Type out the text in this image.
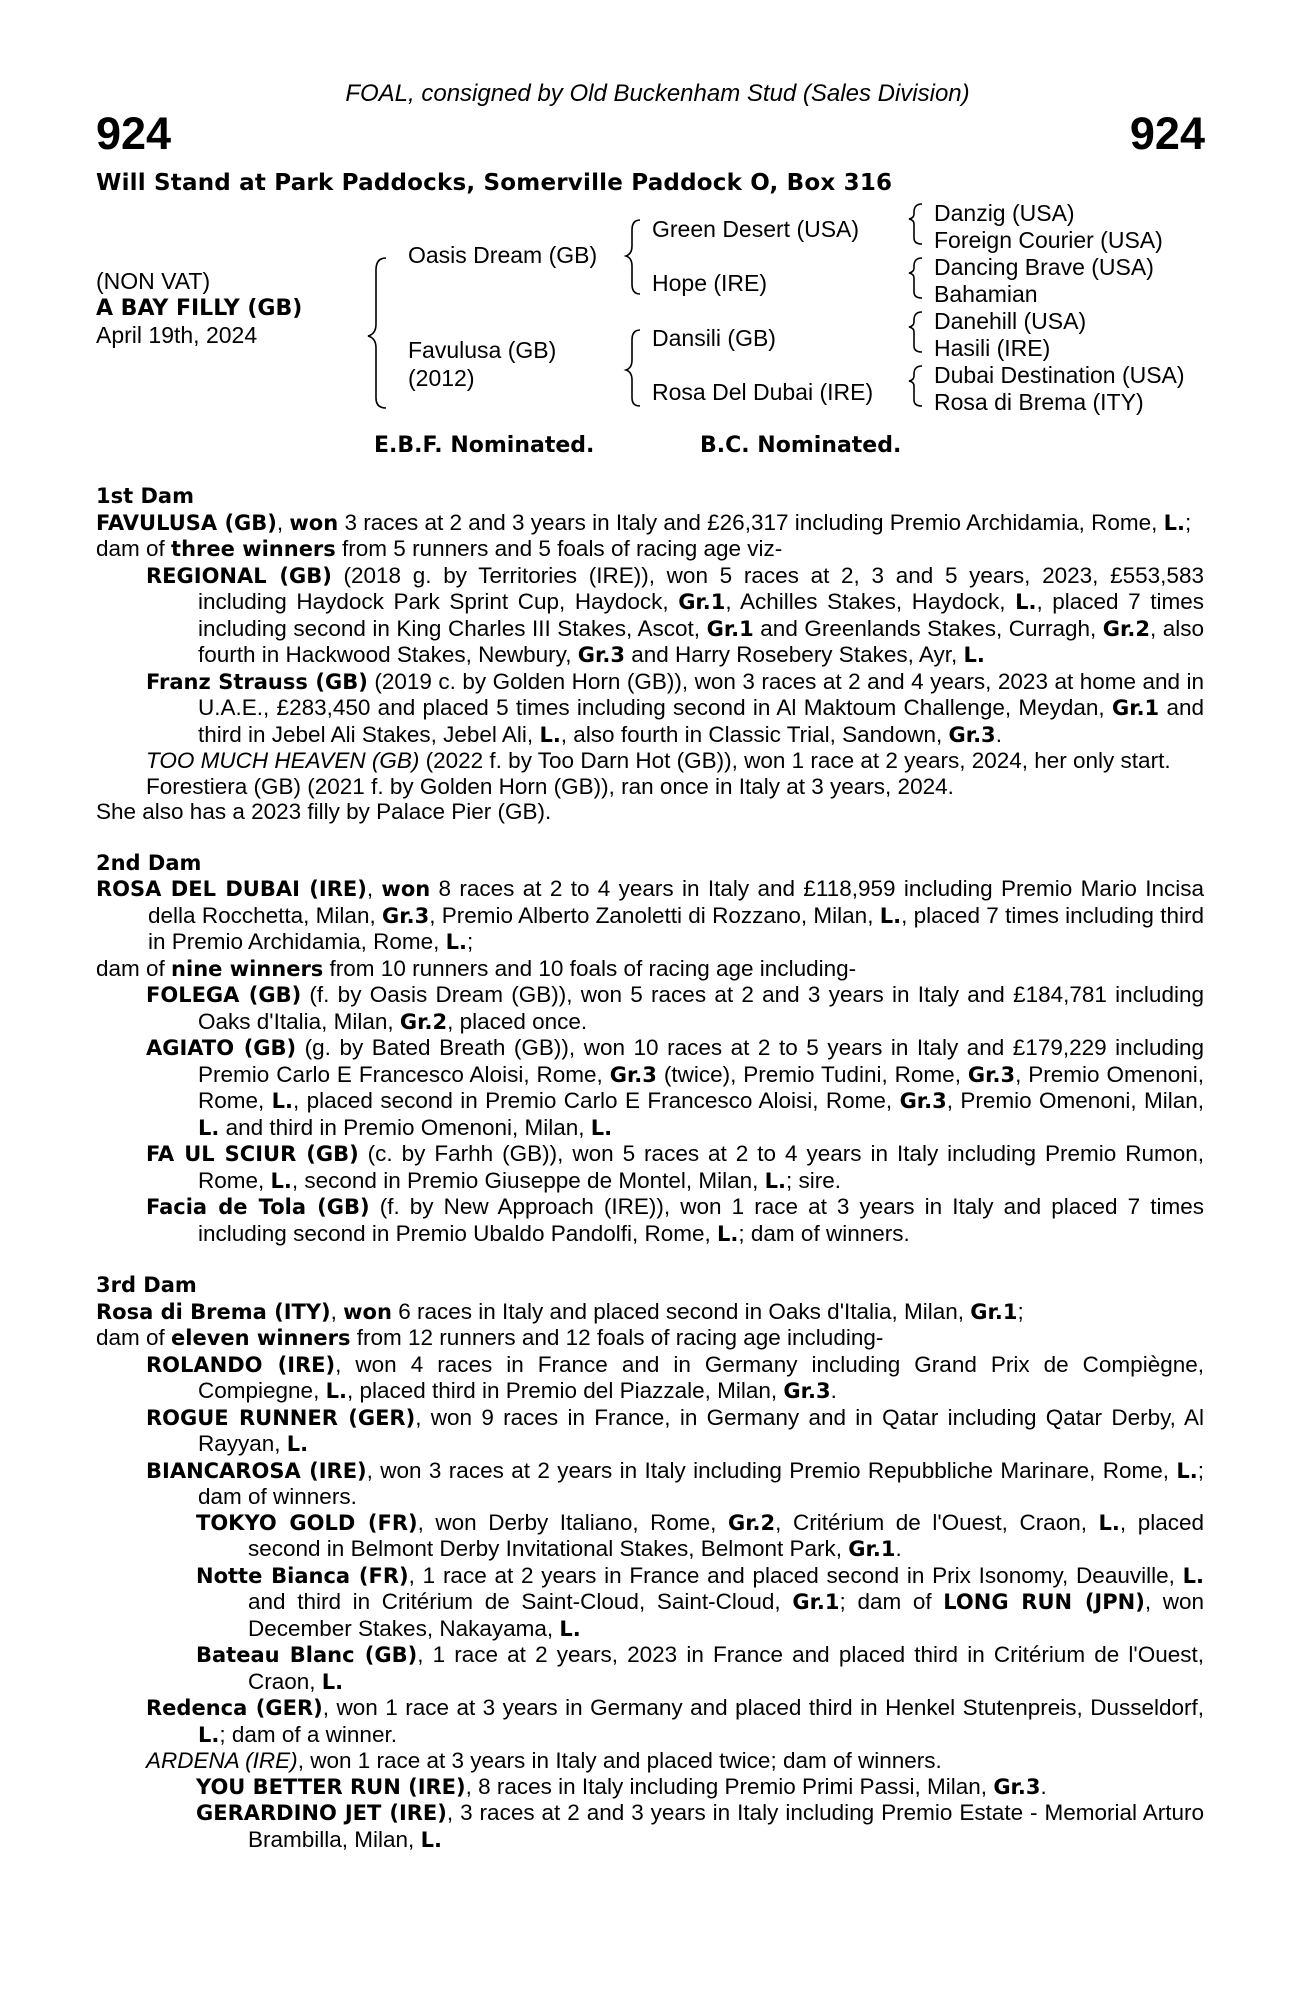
FOAL, consigned by Old Buckenham Stud (Sales Division)
924	924
Will Stand at Park Paddocks, Somerville Paddock O, Box 316
(NON VAT)
A BAY FILLY (GB)
April 19th, 2024
Oasis Dream (GB)
Favulusa (GB)
(2012)
Green Desert (USA)
Hope (IRE)
Dansili (GB)
Rosa Del Dubai (IRE)
Danzig (USA)
Foreign Courier (USA)
Dancing Brave (USA)
Bahamian
Danehill (USA)
Hasili (IRE)
Dubai Destination (USA)
Rosa di Brema (ITY)
E.B.F. Nominated.	B.C. Nominated.

1st Dam

FAVULUSA (GB), won 3 races at 2 and 3 years in Italy and £26,317 including Premio Archidamia, Rome, L.;

dam of three winners from 5 runners and 5 foals of racing age viz-

REGIONAL (GB) (2018 g. by Territories (IRE)), won 5 races at 2, 3 and 5 years, 2023, £553,583 including Haydock Park Sprint Cup, Haydock, Gr.1, Achilles Stakes, Haydock, L., placed 7 times including second in King Charles III Stakes, Ascot, Gr.1 and Greenlands Stakes, Curragh, Gr.2, also fourth in Hackwood Stakes, Newbury, Gr.3 and Harry Rosebery Stakes, Ayr, L.

Franz Strauss (GB) (2019 c. by Golden Horn (GB)), won 3 races at 2 and 4 years, 2023 at home and in U.A.E., £283,450 and placed 5 times including second in Al Maktoum Challenge, Meydan, Gr.1 and third in Jebel Ali Stakes, Jebel Ali, L., also fourth in Classic Trial, Sandown, Gr.3.

TOO MUCH HEAVEN (GB) (2022 f. by Too Darn Hot (GB)), won 1 race at 2 years, 2024, her only start.

Forestiera (GB) (2021 f. by Golden Horn (GB)), ran once in Italy at 3 years, 2024.

She also has a 2023 filly by Palace Pier (GB).

2nd Dam

ROSA DEL DUBAI (IRE), won 8 races at 2 to 4 years in Italy and £118,959 including Premio Mario Incisa della Rocchetta, Milan, Gr.3, Premio Alberto Zanoletti di Rozzano, Milan, L., placed 7 times including third in Premio Archidamia, Rome, L.;

dam of nine winners from 10 runners and 10 foals of racing age including-

FOLEGA (GB) (f. by Oasis Dream (GB)), won 5 races at 2 and 3 years in Italy and £184,781 including Oaks d'Italia, Milan, Gr.2, placed once.

AGIATO (GB) (g. by Bated Breath (GB)), won 10 races at 2 to 5 years in Italy and £179,229 including Premio Carlo E Francesco Aloisi, Rome, Gr.3 (twice), Premio Tudini, Rome, Gr.3, Premio Omenoni, Rome, L., placed second in Premio Carlo E Francesco Aloisi, Rome, Gr.3, Premio Omenoni, Milan, L. and third in Premio Omenoni, Milan, L.

FA UL SCIUR (GB) (c. by Farhh (GB)), won 5 races at 2 to 4 years in Italy including Premio Rumon, Rome, L., second in Premio Giuseppe de Montel, Milan, L.; sire.

Facia de Tola (GB) (f. by New Approach (IRE)), won 1 race at 3 years in Italy and placed 7 times including second in Premio Ubaldo Pandolfi, Rome, L.; dam of winners.

3rd Dam

Rosa di Brema (ITY), won 6 races in Italy and placed second in Oaks d'Italia, Milan, Gr.1;

dam of eleven winners from 12 runners and 12 foals of racing age including-

ROLANDO (IRE), won 4 races in France and in Germany including Grand Prix de Compiègne, Compiegne, L., placed third in Premio del Piazzale, Milan, Gr.3.

ROGUE RUNNER (GER), won 9 races in France, in Germany and in Qatar including Qatar Derby, Al Rayyan, L.

BIANCAROSA (IRE), won 3 races at 2 years in Italy including Premio Repubbliche Marinare, Rome, L.; dam of winners.

TOKYO GOLD (FR), won Derby Italiano, Rome, Gr.2, Critérium de l'Ouest, Craon, L., placed second in Belmont Derby Invitational Stakes, Belmont Park, Gr.1.

Notte Bianca (FR), 1 race at 2 years in France and placed second in Prix Isonomy, Deauville, L. and third in Critérium de Saint-Cloud, Saint-Cloud, Gr.1; dam of LONG RUN (JPN), won December Stakes, Nakayama, L.

Bateau Blanc (GB), 1 race at 2 years, 2023 in France and placed third in Critérium de l'Ouest, Craon, L.

Redenca (GER), won 1 race at 3 years in Germany and placed third in Henkel Stutenpreis, Dusseldorf, L.; dam of a winner.

ARDENA (IRE), won 1 race at 3 years in Italy and placed twice; dam of winners.

YOU BETTER RUN (IRE), 8 races in Italy including Premio Primi Passi, Milan, Gr.3.

GERARDINO JET (IRE), 3 races at 2 and 3 years in Italy including Premio Estate - Memorial Arturo Brambilla, Milan, L.
